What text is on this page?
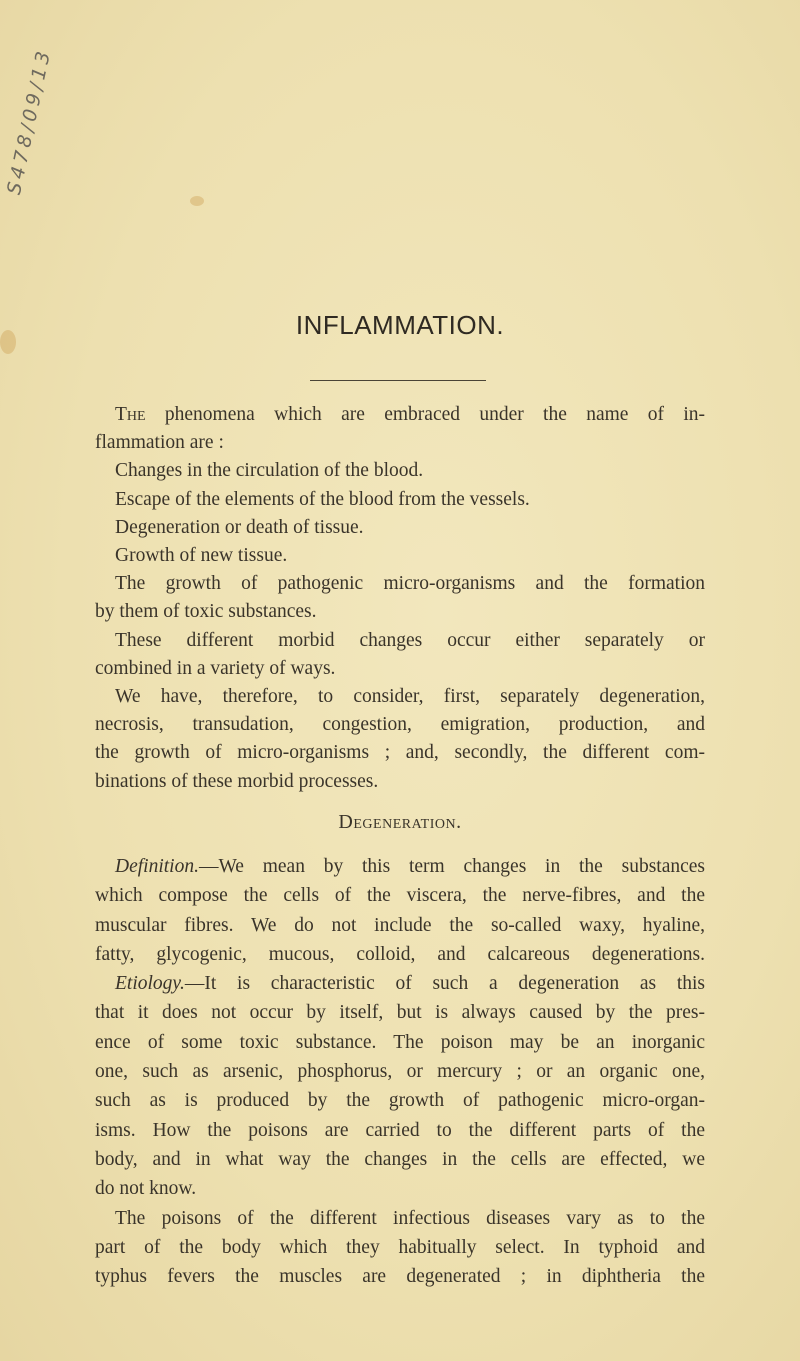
S478/09/13
INFLAMMATION.
The phenomena which are embraced under the name of in-
flammation are :
Changes in the circulation of the blood.
Escape of the elements of the blood from the vessels.
Degeneration or death of tissue.
Growth of new tissue.
The growth of pathogenic micro-organisms and the formation
by them of toxic substances.
These different morbid changes occur either separately or
combined in a variety of ways.
We have, therefore, to consider, first, separately degeneration,
necrosis, transudation, congestion, emigration, production, and
the growth of micro-organisms ; and, secondly, the different com-
binations of these morbid processes.
Degeneration.
Definition.—We mean by this term changes in the substances
which compose the cells of the viscera, the nerve-fibres, and the
muscular fibres. We do not include the so-called waxy, hyaline,
fatty, glycogenic, mucous, colloid, and calcareous degenerations.
Etiology.—It is characteristic of such a degeneration as this
that it does not occur by itself, but is always caused by the pres-
ence of some toxic substance. The poison may be an inorganic
one, such as arsenic, phosphorus, or mercury ; or an organic one,
such as is produced by the growth of pathogenic micro-organ-
isms. How the poisons are carried to the different parts of the
body, and in what way the changes in the cells are effected, we
do not know.
The poisons of the different infectious diseases vary as to the
part of the body which they habitually select. In typhoid and
typhus fevers the muscles are degenerated ; in diphtheria the
